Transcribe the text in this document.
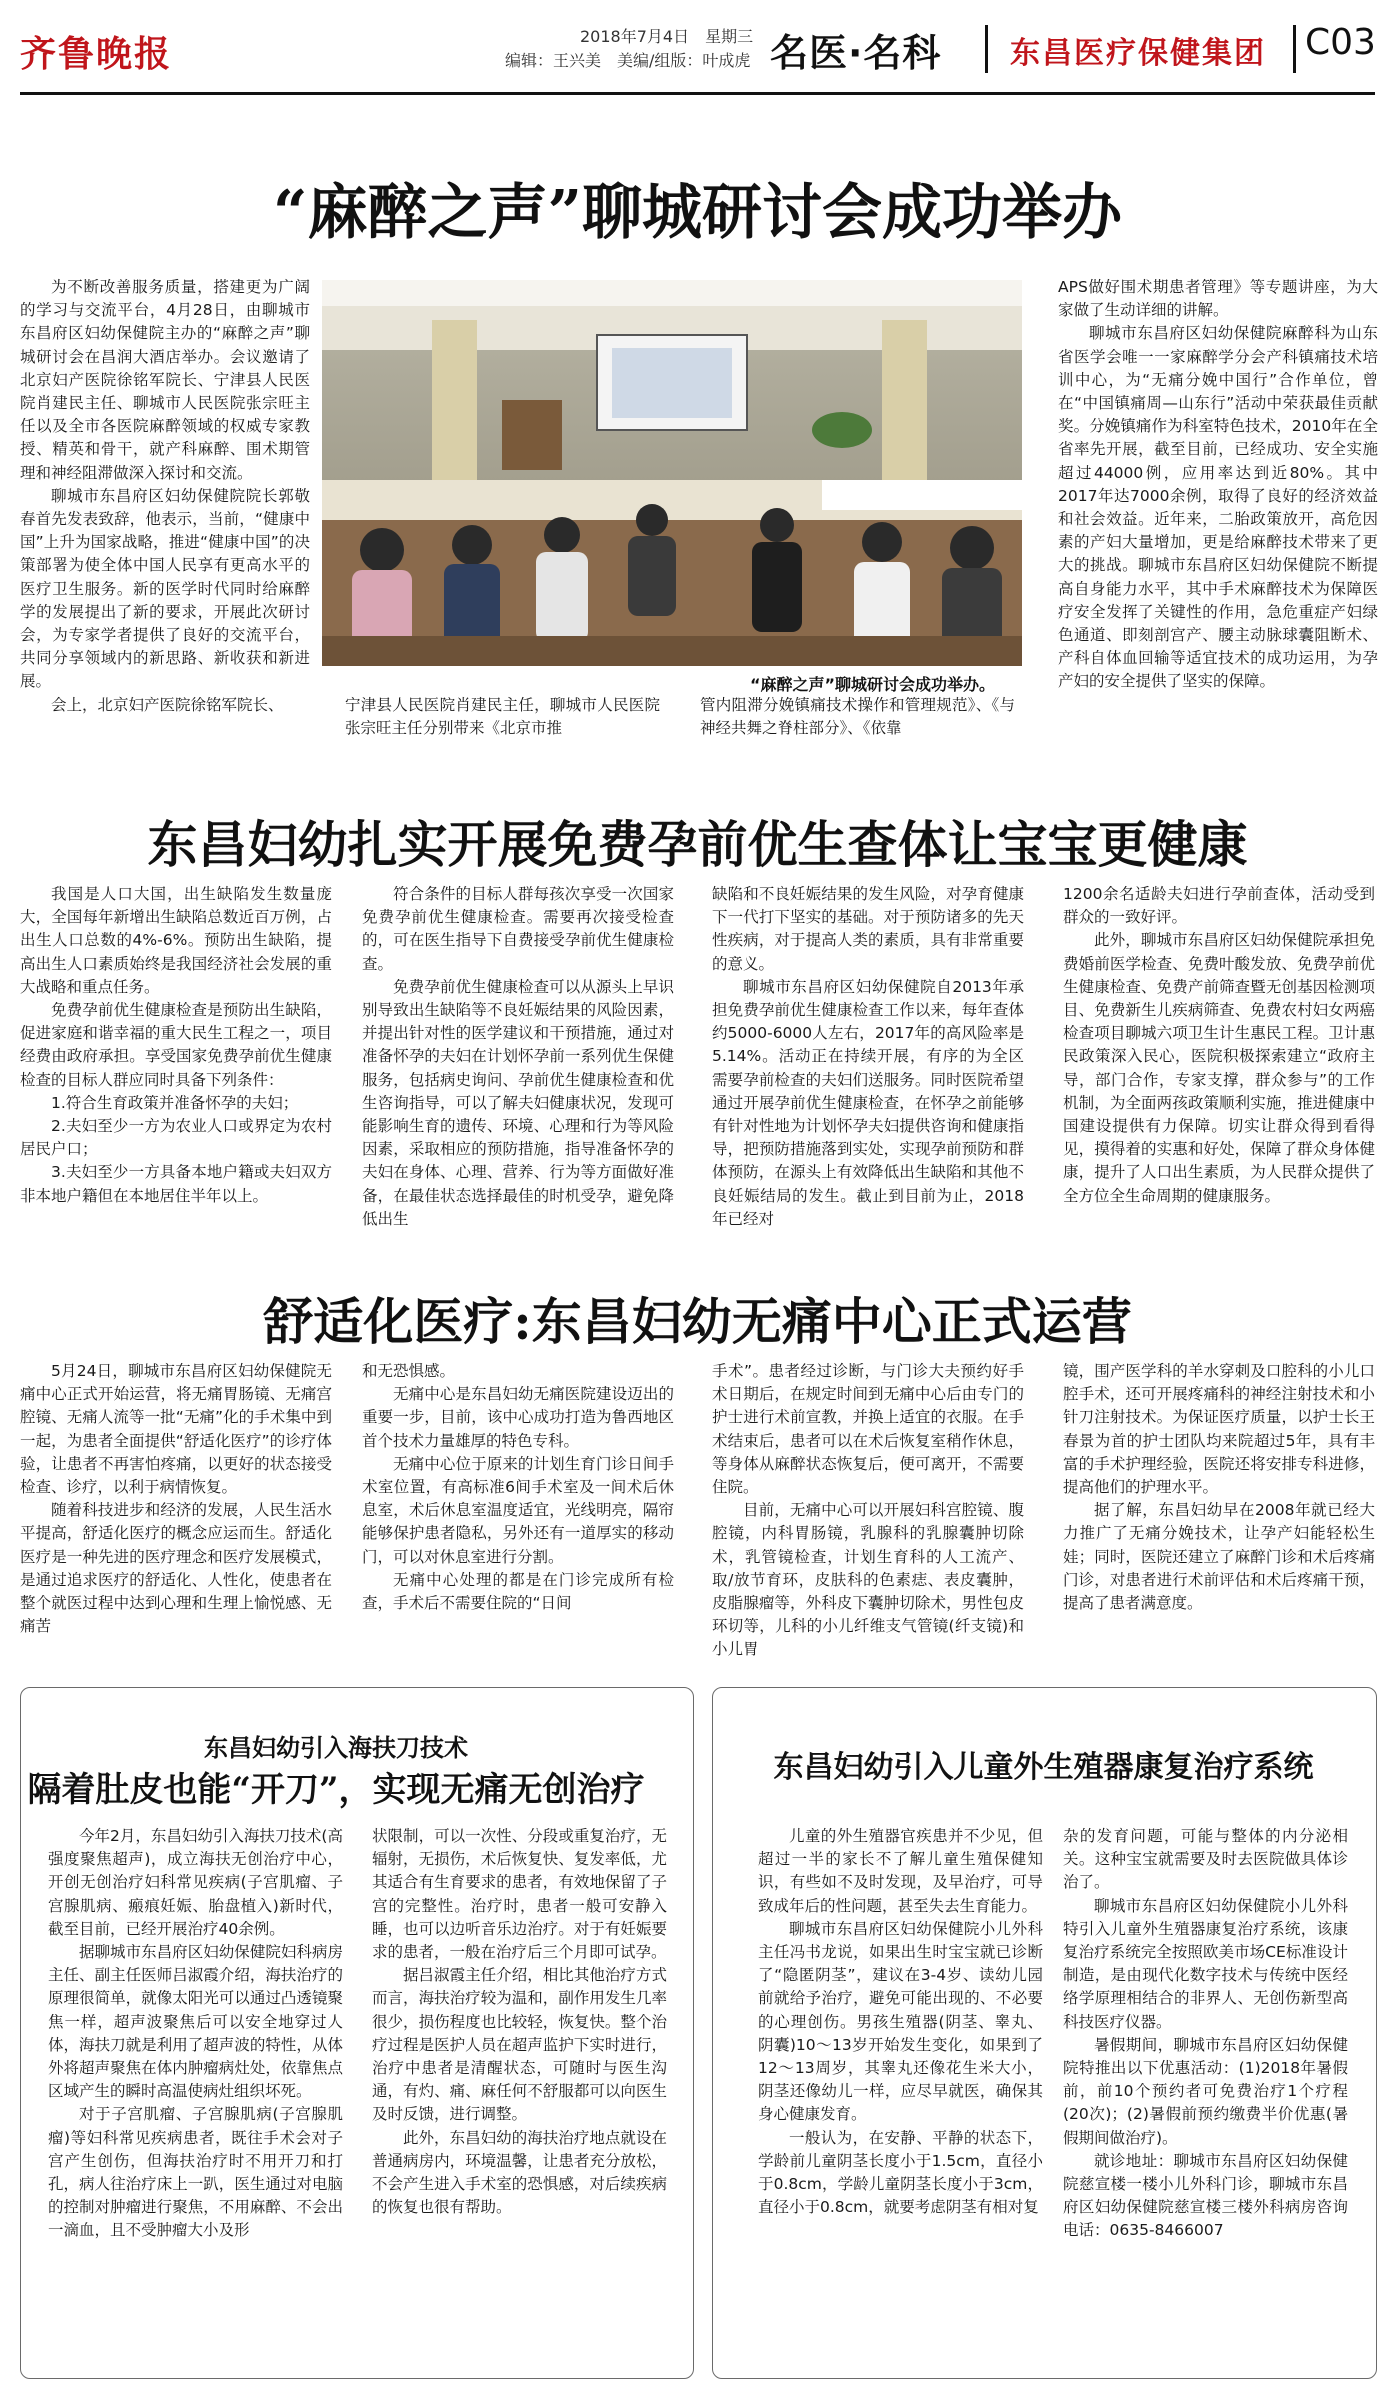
齐鲁晚报	2018年7月4日　星期三
编辑：王兴美　美编/组版：叶成虎 名医·名科 东昌医疗保健集团 C03
“麻醉之声”聊城研讨会成功举办

为不断改善服务质量，搭建更为广阔的学习与交流平台，4月28日，由聊城市东昌府区妇幼保健院主办的“麻醉之声”聊城研讨会在昌润大酒店举办。会议邀请了北京妇产医院徐铭军院长、宁津县人民医院肖建民主任、聊城市人民医院张宗旺主任以及全市各医院麻醉领域的权威专家教授、精英和骨干，就产科麻醉、围术期管理和神经阻滞做深入探讨和交流。

聊城市东昌府区妇幼保健院院长郭敬春首先发表致辞，他表示，当前，“健康中国”上升为国家战略，推进“健康中国”的决策部署为使全体中国人民享有更高水平的医疗卫生服务。新的医学时代同时给麻醉学的发展提出了新的要求，开展此次研讨会，为专家学者提供了良好的交流平台，共同分享领域内的新思路、新收获和新进展。

会上，北京妇产医院徐铭军院长、	宁津县人民医院肖建民主任，聊城市人民医院张宗旺主任分别带来《北京市推

管内阻滞分娩镇痛技术操作和管理规范》、《与神经共舞之脊柱部分》、《依靠

“麻醉之声”聊城研讨会成功举办。

APS做好围术期患者管理》等专题讲座，为大家做了生动详细的讲解。

聊城市东昌府区妇幼保健院麻醉科为山东省医学会唯一一家麻醉学分会产科镇痛技术培训中心，为“无痛分娩中国行”合作单位，曾在“中国镇痛周—山东行”活动中荣获最佳贡献奖。分娩镇痛作为科室特色技术，2010年在全省率先开展，截至目前，已经成功、安全实施超过44000例，应用率达到近80%。其中2017年达7000余例，取得了良好的经济效益和社会效益。近年来，二胎政策放开，高危因素的产妇大量增加，更是给麻醉技术带来了更大的挑战。聊城市东昌府区妇幼保健院不断提高自身能力水平，其中手术麻醉技术为保障医疗安全发挥了关键性的作用，急危重症产妇绿色通道、即刻剖宫产、腰主动脉球囊阻断术、产科自体血回输等适宜技术的成功运用，为孕产妇的安全提供了坚实的保障。

东昌妇幼扎实开展免费孕前优生查体让宝宝更健康

我国是人口大国，出生缺陷发生数量庞大，全国每年新增出生缺陷总数近百万例，占出生人口总数的4%-6%。预防出生缺陷，提高出生人口素质始终是我国经济社会发展的重大战略和重点任务。

免费孕前优生健康检查是预防出生缺陷，促进家庭和谐幸福的重大民生工程之一，项目经费由政府承担。享受国家免费孕前优生健康检查的目标人群应同时具备下列条件：

1.符合生育政策并准备怀孕的夫妇；

2.夫妇至少一方为农业人口或界定为农村居民户口；

3.夫妇至少一方具备本地户籍或夫妇双方非本地户籍但在本地居住半年以上。

符合条件的目标人群每孩次享受一次国家免费孕前优生健康检查。需要再次接受检查的，可在医生指导下自费接受孕前优生健康检查。

免费孕前优生健康检查可以从源头上早识别导致出生缺陷等不良妊娠结果的风险因素，并提出针对性的医学建议和干预措施，通过对准备怀孕的夫妇在计划怀孕前一系列优生保健服务，包括病史询问、孕前优生健康检查和优生咨询指导，可以了解夫妇健康状况，发现可能影响生育的遗传、环境、心理和行为等风险因素，采取相应的预防措施，指导准备怀孕的夫妇在身体、心理、营养、行为等方面做好准备，在最佳状态选择最佳的时机受孕，避免降低出生

缺陷和不良妊娠结果的发生风险，对孕育健康下一代打下坚实的基础。对于预防诸多的先天性疾病，对于提高人类的素质，具有非常重要的意义。

聊城市东昌府区妇幼保健院自2013年承担免费孕前优生健康检查工作以来，每年查体约5000-6000人左右，2017年的高风险率是5.14%。活动正在持续开展，有序的为全区需要孕前检查的夫妇们送服务。同时医院希望通过开展孕前优生健康检查，在怀孕之前能够有针对性地为计划怀孕夫妇提供咨询和健康指导，把预防措施落到实处，实现孕前预防和群体预防，在源头上有效降低出生缺陷和其他不良妊娠结局的发生。截止到目前为止，2018年已经对

1200余名适龄夫妇进行孕前查体，活动受到群众的一致好评。

此外，聊城市东昌府区妇幼保健院承担免费婚前医学检查、免费叶酸发放、免费孕前优生健康检查、免费产前筛查暨无创基因检测项目、免费新生儿疾病筛查、免费农村妇女两癌检查项目聊城六项卫生计生惠民工程。卫计惠民政策深入民心，医院积极探索建立“政府主导，部门合作，专家支撑，群众参与”的工作机制，为全面两孩政策顺利实施，推进健康中国建设提供有力保障。切实让群众得到看得见，摸得着的实惠和好处，保障了群众身体健康，提升了人口出生素质，为人民群众提供了全方位全生命周期的健康服务。

舒适化医疗:东昌妇幼无痛中心正式运营

5月24日，聊城市东昌府区妇幼保健院无痛中心正式开始运营，将无痛胃肠镜、无痛宫腔镜、无痛人流等一批“无痛”化的手术集中到一起，为患者全面提供“舒适化医疗”的诊疗体验，让患者不再害怕疼痛，以更好的状态接受检查、诊疗，以利于病情恢复。

随着科技进步和经济的发展，人民生活水平提高，舒适化医疗的概念应运而生。舒适化医疗是一种先进的医疗理念和医疗发展模式，是通过追求医疗的舒适化、人性化，使患者在整个就医过程中达到心理和生理上愉悦感、无痛苦

和无恐惧感。

无痛中心是东昌妇幼无痛医院建设迈出的重要一步，目前，该中心成功打造为鲁西地区首个技术力量雄厚的特色专科。

无痛中心位于原来的计划生育门诊日间手术室位置，有高标准6间手术室及一间术后休息室，术后休息室温度适宜，光线明亮，隔帘能够保护患者隐私，另外还有一道厚实的移动门，可以对休息室进行分割。

无痛中心处理的都是在门诊完成所有检查，手术后不需要住院的“日间

手术”。患者经过诊断，与门诊大夫预约好手术日期后，在规定时间到无痛中心后由专门的护士进行术前宣教，并换上适宜的衣服。在手术结束后，患者可以在术后恢复室稍作休息，等身体从麻醉状态恢复后，便可离开，不需要住院。

目前，无痛中心可以开展妇科宫腔镜、腹腔镜，内科胃肠镜，乳腺科的乳腺囊肿切除术，乳管镜检查，计划生育科的人工流产、取/放节育环，皮肤科的色素痣、表皮囊肿，皮脂腺瘤等，外科皮下囊肿切除术，男性包皮环切等，儿科的小儿纤维支气管镜(纤支镜)和小儿胃

镜，围产医学科的羊水穿刺及口腔科的小儿口腔手术，还可开展疼痛科的神经注射技术和小针刀注射技术。为保证医疗质量，以护士长王春景为首的护士团队均来院超过5年，具有丰富的手术护理经验，医院还将安排专科进修，提高他们的护理水平。

据了解，东昌妇幼早在2008年就已经大力推广了无痛分娩技术，让孕产妇能轻松生娃；同时，医院还建立了麻醉门诊和术后疼痛门诊，对患者进行术前评估和术后疼痛干预，提高了患者满意度。

东昌妇幼引入海扶刀技术
隔着肚皮也能“开刀”，实现无痛无创治疗

今年2月，东昌妇幼引入海扶刀技术(高强度聚焦超声)，成立海扶无创治疗中心，开创无创治疗妇科常见疾病(子宫肌瘤、子宫腺肌病、瘢痕妊娠、胎盘植入)新时代，截至目前，已经开展治疗40余例。

据聊城市东昌府区妇幼保健院妇科病房主任、副主任医师吕淑霞介绍，海扶治疗的原理很简单，就像太阳光可以通过凸透镜聚焦一样，超声波聚焦后可以安全地穿过人体，海扶刀就是利用了超声波的特性，从体外将超声聚焦在体内肿瘤病灶处，依靠焦点区域产生的瞬时高温使病灶组织坏死。

对于子宫肌瘤、子宫腺肌病(子宫腺肌瘤)等妇科常见疾病患者，既往手术会对子宫产生创伤，但海扶治疗时不用开刀和打孔，病人往治疗床上一趴，医生通过对电脑的控制对肿瘤进行聚焦，不用麻醉、不会出一滴血，且不受肿瘤大小及形

状限制，可以一次性、分段或重复治疗，无辐射，无损伤，术后恢复快、复发率低，尤其适合有生育要求的患者，有效地保留了子宫的完整性。治疗时，患者一般可安静入睡，也可以边听音乐边治疗。对于有妊娠要求的患者，一般在治疗后三个月即可试孕。

据吕淑霞主任介绍，相比其他治疗方式而言，海扶治疗较为温和，副作用发生几率很少，损伤程度也比较轻，恢复快。整个治疗过程是医护人员在超声监护下实时进行，治疗中患者是清醒状态，可随时与医生沟通，有灼、痛、麻任何不舒服都可以向医生及时反馈，进行调整。

此外，东昌妇幼的海扶治疗地点就设在普通病房内，环境温馨，让患者充分放松，不会产生进入手术室的恐惧感，对后续疾病的恢复也很有帮助。

东昌妇幼引入儿童外生殖器康复治疗系统

儿童的外生殖器官疾患并不少见，但超过一半的家长不了解儿童生殖保健知识，有些如不及时发现，及早治疗，可导致成年后的性问题，甚至失去生育能力。

聊城市东昌府区妇幼保健院小儿外科主任冯书龙说，如果出生时宝宝就已诊断了“隐匿阴茎”，建议在3-4岁、读幼儿园前就给予治疗，避免可能出现的、不必要的心理创伤。男孩生殖器(阴茎、睾丸、阴囊)10～13岁开始发生变化，如果到了12～13周岁，其睾丸还像花生米大小，阴茎还像幼儿一样，应尽早就医，确保其身心健康发育。

一般认为，在安静、平静的状态下，学龄前儿童阴茎长度小于1.5cm，直径小于0.8cm，学龄儿童阴茎长度小于3cm，直径小于0.8cm，就要考虑阴茎有相对复

杂的发育问题，可能与整体的内分泌相关。这种宝宝就需要及时去医院做具体诊治了。

聊城市东昌府区妇幼保健院小儿外科特引入儿童外生殖器康复治疗系统，该康复治疗系统完全按照欧美市场CE标准设计制造，是由现代化数字技术与传统中医经络学原理相结合的非界人、无创伤新型高科技医疗仪器。

暑假期间，聊城市东昌府区妇幼保健院特推出以下优惠活动：(1)2018年暑假前，前10个预约者可免费治疗1个疗程(20次)；(2)暑假前预约缴费半价优惠(暑假期间做治疗)。

就诊地址：聊城市东昌府区妇幼保健院慈宣楼一楼小儿外科门诊，聊城市东昌府区妇幼保健院慈宣楼三楼外科病房咨询电话：0635-8466007
